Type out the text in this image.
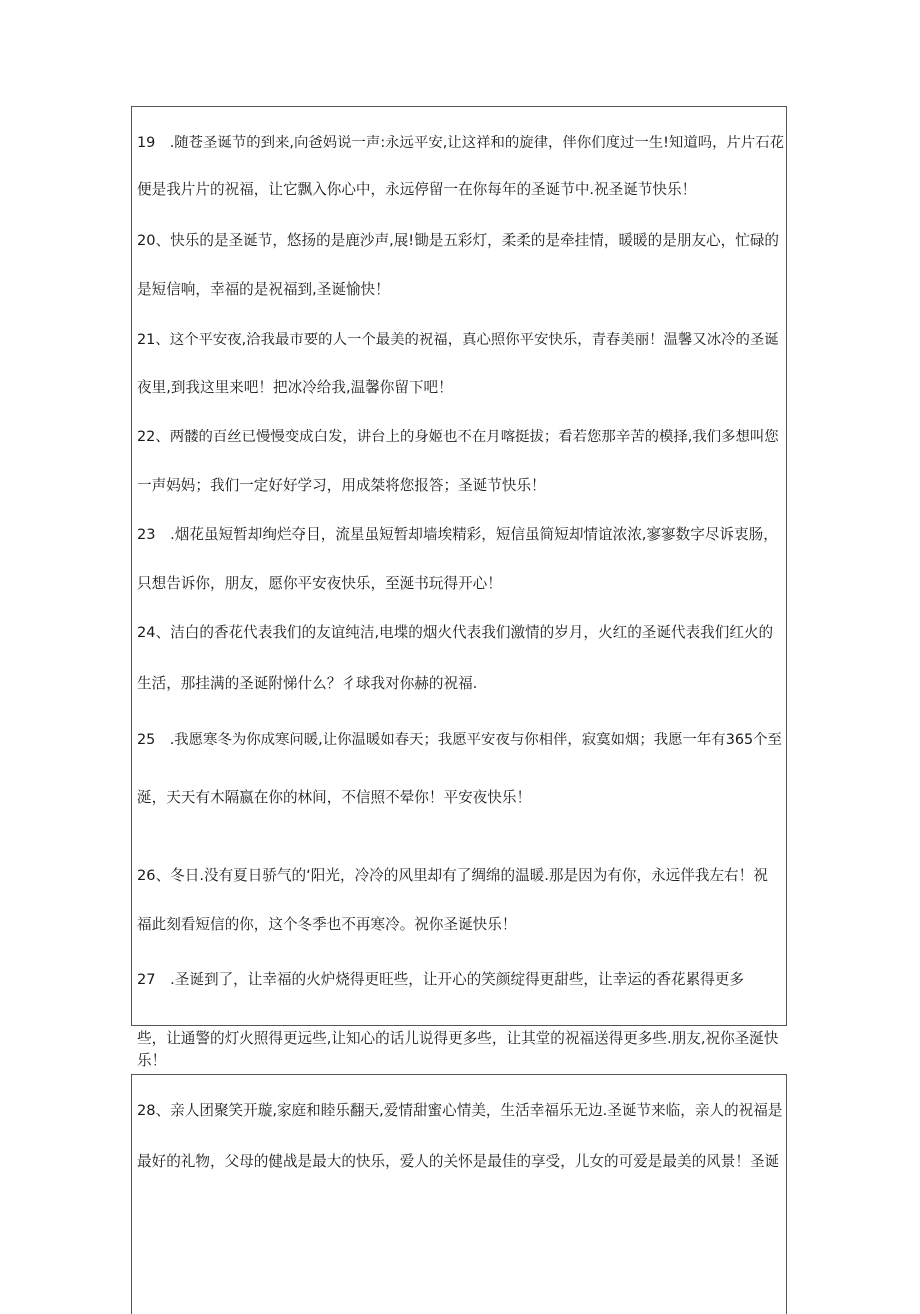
19　.随苍圣诞节的到来,向爸妈说一声:永远平安,让这祥和的旋律，伴你们度过一生!知道吗，片片石花
便是我片片的祝福，让它飘入你心中，永远停留一在你每年的圣诞节中.祝圣诞节快乐！
20、快乐的是圣诞节，悠扬的是鹿沙声,展!锄是五彩灯，柔柔的是牵挂情，暖暖的是朋友心，忙碌的
是短信响，幸福的是祝福到,圣诞愉快！
21、这个平安夜,洽我最市要的人一个最美的祝福，真心照你平安快乐，青春美丽！温馨又冰冷的圣诞
夜里,到我这里来吧！把冰冷给我,温馨你留下吧！
22、两髅的百丝已慢慢变成白发，讲台上的身姬也不在月喀挺拔；看若您那辛苦的模择,我们多想叫您
一声妈妈；我们一定好好学习，用成桀将您报答；圣诞节快乐！
23　.烟花虽短暂却绚烂夺目，流星虽短暂却墙埃精彩，短信虽简短却情谊浓浓,寥寥数字尽诉衷肠，
只想告诉你，朋友，愿你平安夜快乐，至涎书玩得开心！
24、洁白的香花代表我们的友谊纯洁,电堞的烟火代表我们激情的岁月，火红的圣诞代表我们红火的
生活，那挂满的圣诞附悌什么？彳球我对你赫的祝福.
25　.我愿寒冬为你成寒问暖,让你温暖如春天；我愿平安夜与你相伴，寂寞如烟；我愿一年有365个至
涎，天天有木隔嬴在你的林间，不信照不晕你！平安夜快乐！
26、冬日.没有夏日骄气的‘阳光，冷冷的风里却有了绸绵的温暖.那是因为有你，永远伴我左右！祝
福此刻看短信的你，这个冬季也不再寒冷。祝你圣诞快乐！
27　.圣诞到了，让幸福的火炉烧得更旺些，让开心的笑颜绽得更甜些，让幸运的香花累得更多
些，让通警的灯火照得更远些,让知心的话儿说得更多些，让其堂的祝福送得更多些.朋友,祝你圣涎快
乐！
28、亲人团聚笑开璇,家庭和睦乐翻天,爱情甜蜜心情美，生活幸福乐无边.圣诞节来临，亲人的祝福是
最好的礼物，父母的健战是最大的快乐，爱人的关怀是最佳的享受，儿女的可爱是最美的风景！圣诞
